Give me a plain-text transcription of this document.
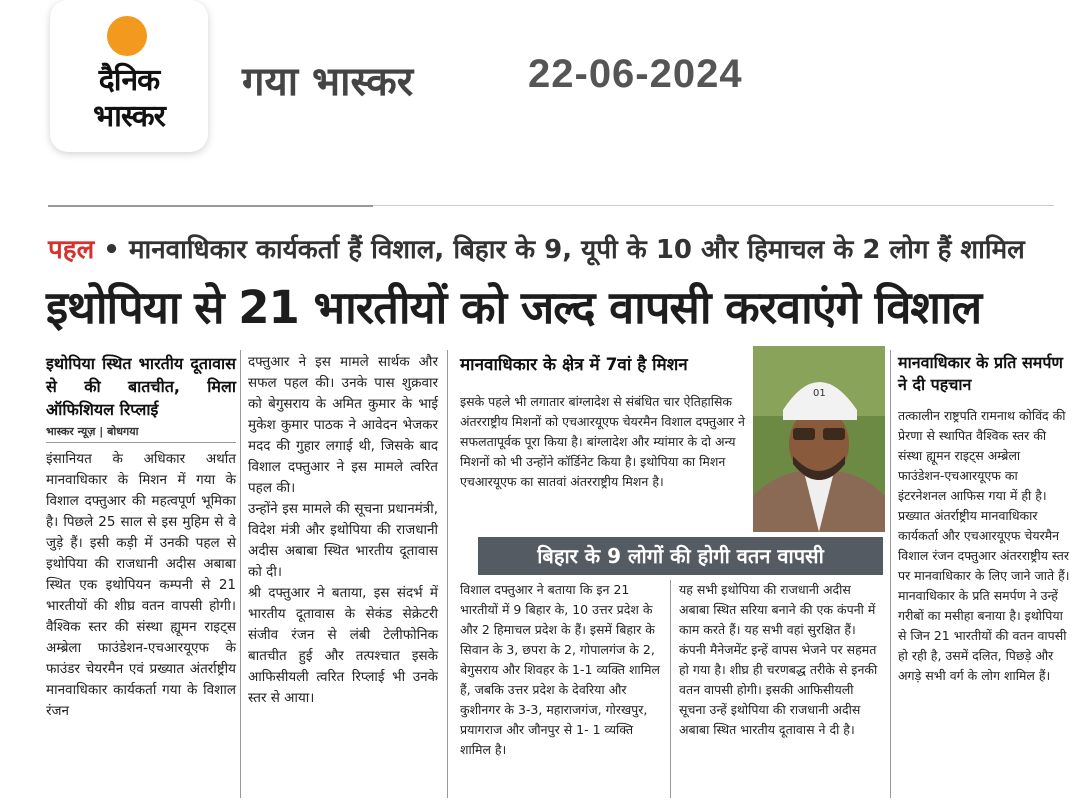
दैनिक
भास्कर
गया भास्कर	22-06-2024
पहल • मानवाधिकार कार्यकर्ता हैं विशाल, बिहार के 9, यूपी के 10 और हिमाचल के 2 लोग हैं शामिल
इथोपिया से 21 भारतीयों को जल्द वापसी करवाएंगे विशाल

इथोपिया स्थित भारतीय दूतावास से की बातचीत, मिला ऑफिशियल रिप्लाई

भास्कर न्यूज़ | बोधगया

इंसानियत के अधिकार अर्थात मानवाधिकार के मिशन में गया के विशाल दफ्तुआर की महत्वपूर्ण भूमिका है। पिछले 25 साल से इस मुहिम से वे जुड़े हैं। इसी कड़ी में उनकी पहल से इथोपिया की राजधानी अदीस अबाबा स्थित एक इथोपियन कम्पनी से 21 भारतीयों की शीघ्र वतन वापसी होगी। वैश्विक स्तर की संस्था ह्यूमन राइट्स अम्ब्रेला फाउंडेशन-एचआरयूएफ के फाउंडर चेयरमैन एवं प्रख्यात अंतर्राष्ट्रीय मानवाधिकार कार्यकर्ता गया के विशाल रंजन

दफ्तुआर ने इस मामले सार्थक और सफल पहल की। उनके पास शुक्रवार को बेगुसराय के अमित कुमार के भाई मुकेश कुमार पाठक ने आवेदन भेजकर मदद की गुहार लगाई थी, जिसके बाद विशाल दफ्तुआर ने इस मामले त्वरित पहल की।

उन्होंने इस मामले की सूचना प्रधानमंत्री, विदेश मंत्री और इथोपिया की राजधानी अदीस अबाबा स्थित भारतीय दूतावास को दी।

श्री दफ्तुआर ने बताया, इस संदर्भ में भारतीय दूतावास के सेकंड सेक्रेटरी संजीव रंजन से लंबी टेलीफोनिक बातचीत हुई और तत्पश्चात इसके आफिसीयली त्वरित रिप्लाई भी उनके स्तर से आया।

मानवाधिकार के क्षेत्र में 7वां है मिशन
इसके पहले भी लगातार बांग्लादेश से संबंधित चार ऐतिहासिक अंतरराष्ट्रीय मिशनों को एचआरयूएफ चेयरमैन विशाल दफ्तुआर ने सफलतापूर्वक पूरा किया है। बांग्लादेश और म्यांमार के दो अन्य मिशनों को भी उन्होंने कॉर्डिनेट किया है। इथोपिया का मिशन एचआरयूएफ का सातवां अंतरराष्ट्रीय मिशन है।
01
बिहार के 9 लोगों की होगी वतन वापसी
विशाल दफ्तुआर ने बताया कि इन 21 भारतीयों में 9 बिहार के, 10 उत्तर प्रदेश के और 2 हिमाचल प्रदेश के हैं। इसमें बिहार के सिवान के 3, छपरा के 2, गोपालगंज के 2, बेगुसराय और शिवहर के 1-1 व्यक्ति शामिल हैं, जबकि उत्तर प्रदेश के देवरिया और कुशीनगर के 3-3, महाराजगंज, गोरखपुर, प्रयागराज और जौनपुर से 1- 1 व्यक्ति शामिल है।
यह सभी इथोपिया की राजधानी अदीस अबाबा स्थित सरिया बनाने की एक कंपनी में काम करते हैं। यह सभी वहां सुरक्षित हैं। कंपनी मैनेजमेंट इन्हें वापस भेजने पर सहमत हो गया है। शीघ्र ही चरणबद्ध तरीके से इनकी वतन वापसी होगी। इसकी आफिसीयली सूचना उन्हें इथोपिया की राजधानी अदीस अबाबा स्थित भारतीय दूतावास ने दी है।
मानवाधिकार के प्रति समर्पण ने दी पहचान
तत्कालीन राष्ट्रपति रामनाथ कोविंद की प्रेरणा से स्थापित वैश्विक स्तर की संस्था ह्यूमन राइट्स अम्ब्रेला फाउंडेशन-एचआरयूएफ का इंटरनेशनल आफिस गया में ही है। प्रख्यात अंतर्राष्ट्रीय मानवाधिकार कार्यकर्ता और एचआरयूएफ चेयरमैन विशाल रंजन दफ्तुआर अंतरराष्ट्रीय स्तर पर मानवाधिकार के लिए जाने जाते हैं। मानवाधिकार के प्रति समर्पण ने उन्हें गरीबों का मसीहा बनाया है। इथोपिया से जिन 21 भारतीयों की वतन वापसी हो रही है, उसमें दलित, पिछड़े और अगड़े सभी वर्ग के लोग शामिल हैं।
